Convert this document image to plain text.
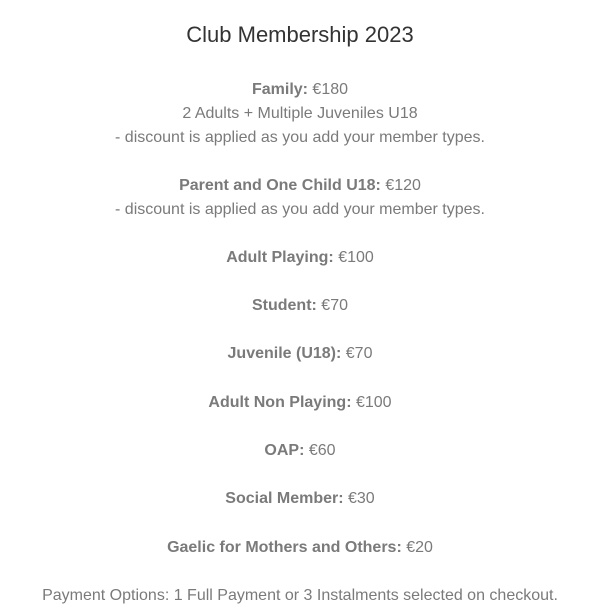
Club Membership 2023
Family: €180
2 Adults + Multiple Juveniles U18
- discount is applied as you add your member types.
Parent and One Child U18: €120
- discount is applied as you add your member types.
Adult Playing: €100
Student: €70
Juvenile (U18): €70
Adult Non Playing: €100
OAP: €60
Social Member: €30
Gaelic for Mothers and Others: €20
Payment Options: 1 Full Payment or 3 Instalments selected on checkout.
